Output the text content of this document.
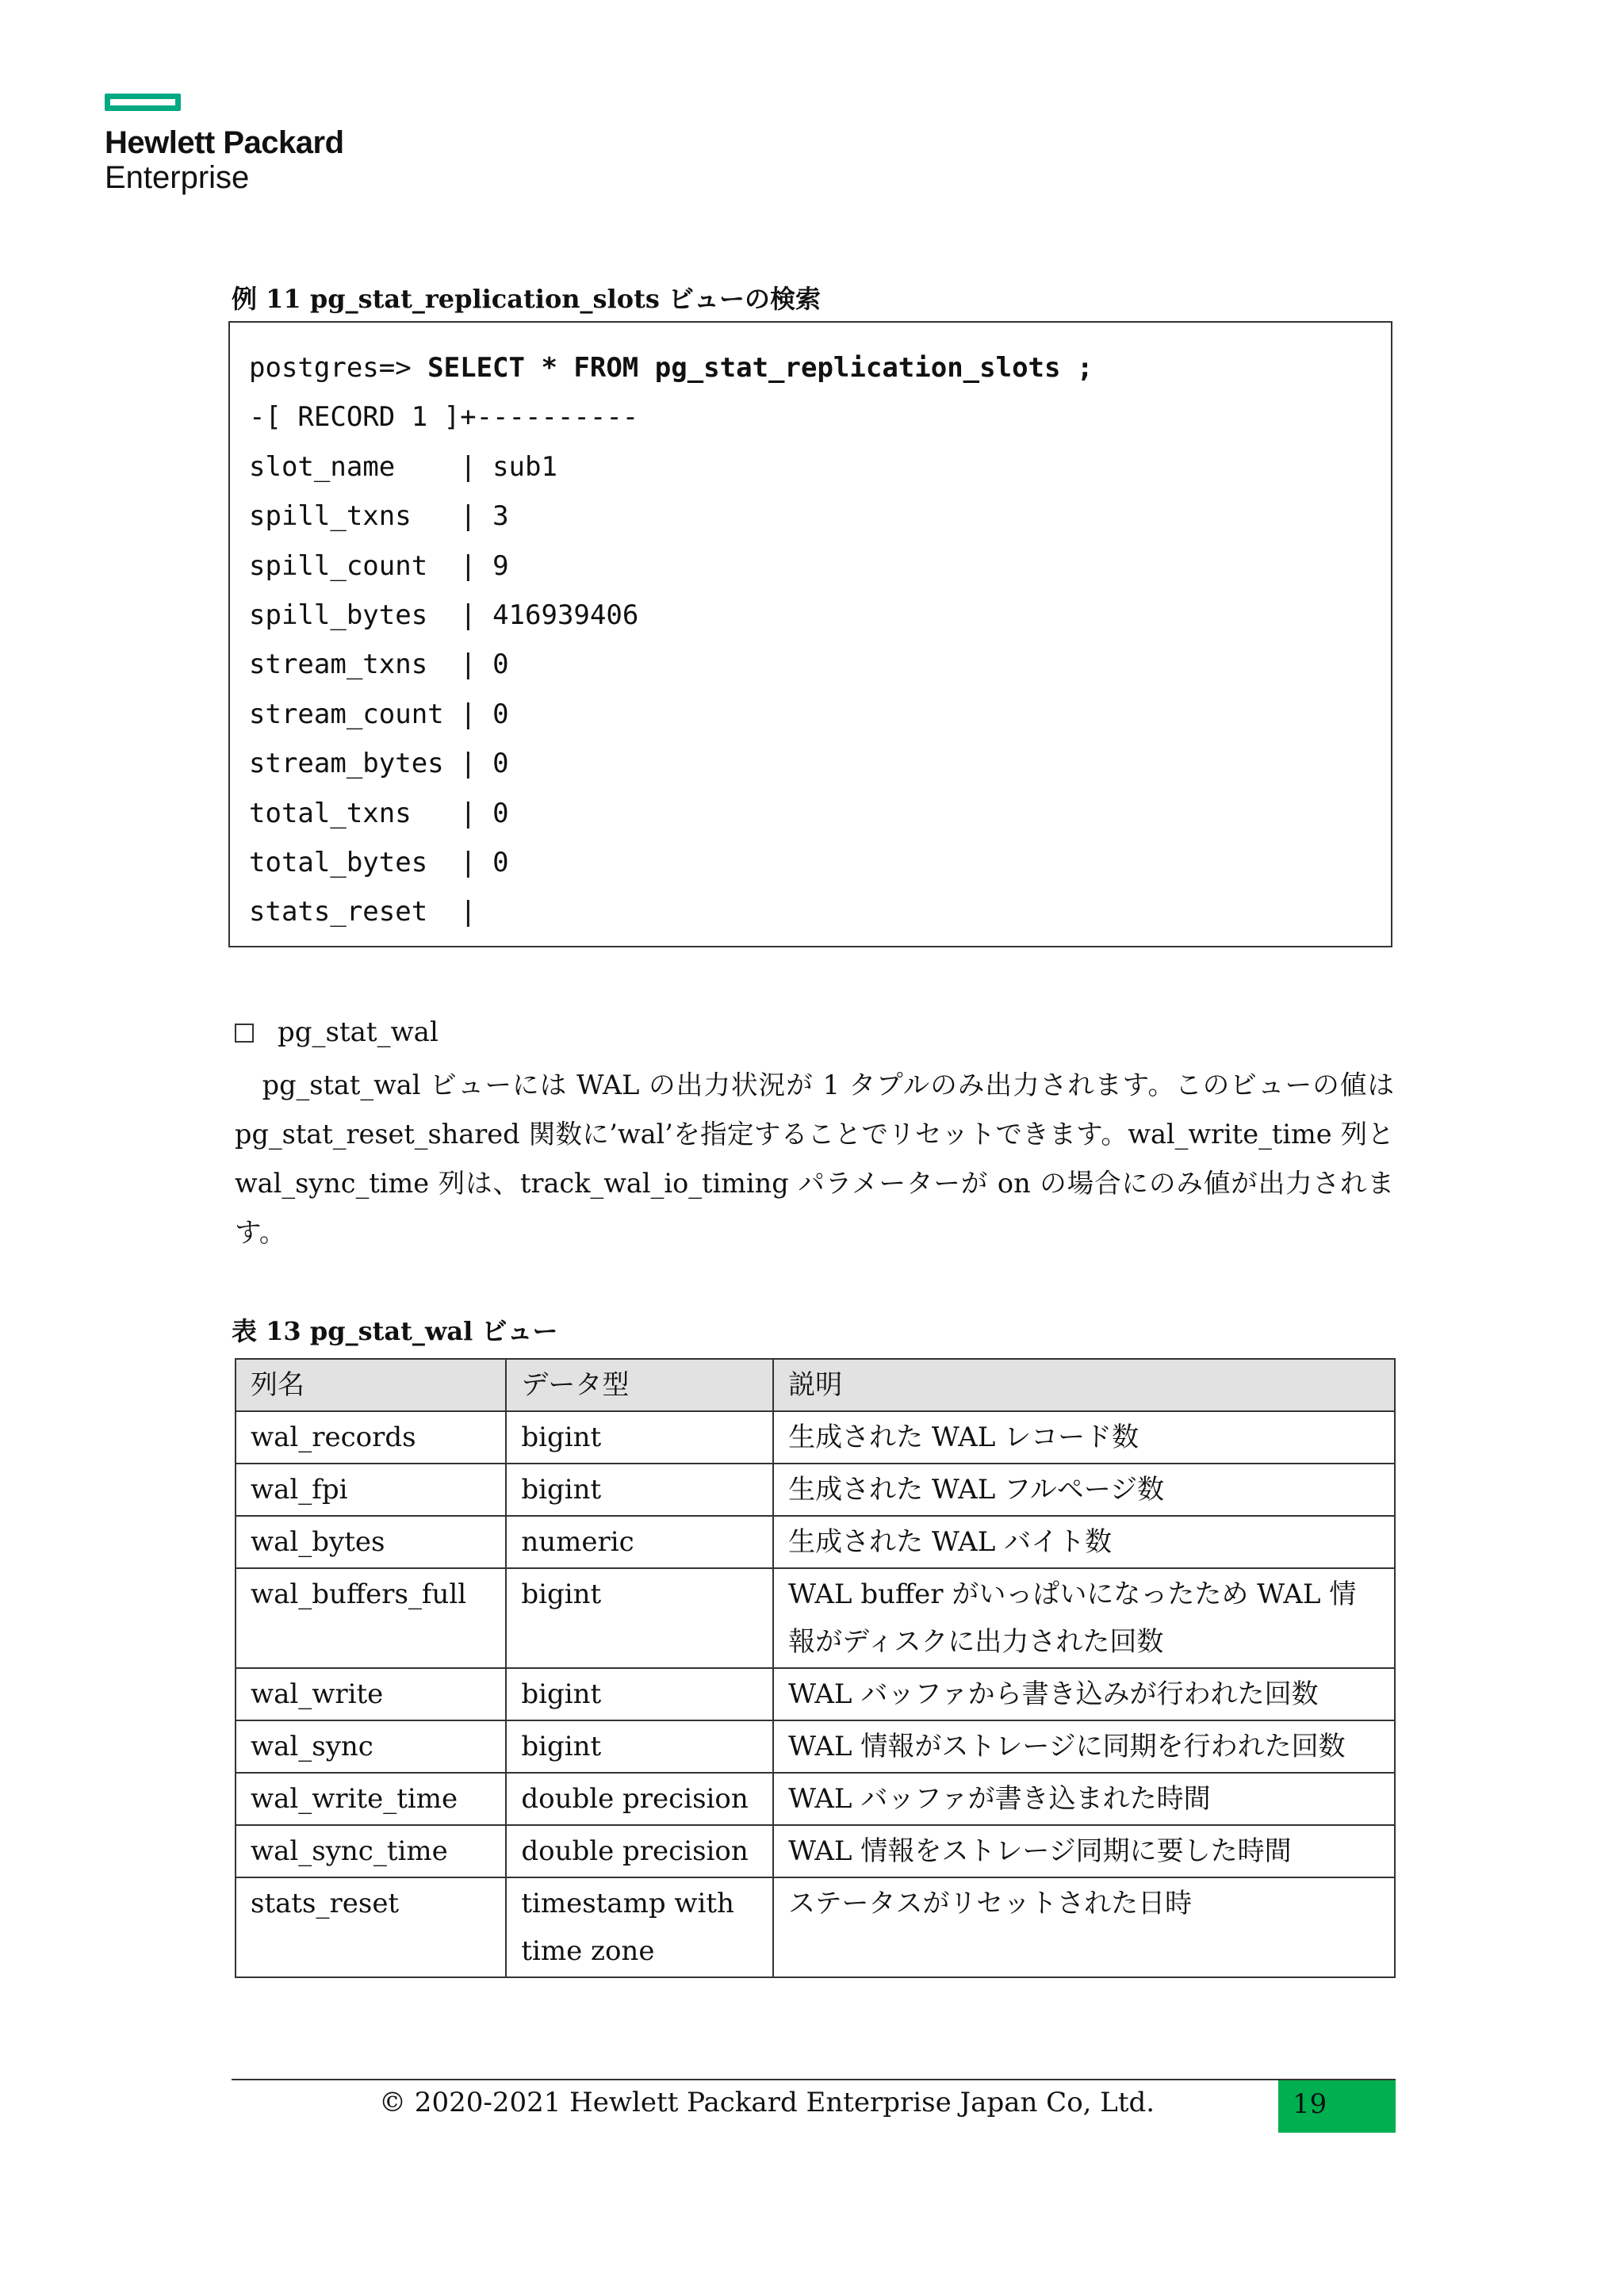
Hewlett Packard
Enterprise
例 11 pg_stat_replication_slots ビューの検索
postgres=> SELECT * FROM pg_stat_replication_slots ;
-[ RECORD 1 ]+----------
slot_name    | sub1
spill_txns   | 3
spill_count  | 9
spill_bytes  | 416939406
stream_txns  | 0
stream_count | 0
stream_bytes | 0
total_txns   | 0
total_bytes  | 0
stats_reset  |
pg_stat_wal

　pg_stat_wal ビューには WAL の出力状況が 1 タプルのみ出力されます。このビューの値は pg_stat_reset_shared 関数に’wal’を指定することでリセットできます。wal_write_time 列と wal_sync_time 列は、track_wal_io_timing パラメーターが on の場合にのみ値が出力されます。

表 13 pg_stat_wal ビュー
列名	データ型	説明
wal_records	bigint	生成された WAL レコード数
wal_fpi	bigint	生成された WAL フルページ数
wal_bytes	numeric	生成された WAL バイト数
wal_buffers_full	bigint	WAL buffer がいっぱいになったため WAL 情報がディスクに出力された回数
wal_write	bigint	WAL バッファから書き込みが行われた回数
wal_sync	bigint	WAL 情報がストレージに同期を行われた回数
wal_write_time	double precision	WAL バッファが書き込まれた時間
wal_sync_time	double precision	WAL 情報をストレージ同期に要した時間
stats_reset	timestamp with time zone	ステータスがリセットされた日時
© 2020-2021 Hewlett Packard Enterprise Japan Co, Ltd.	19
